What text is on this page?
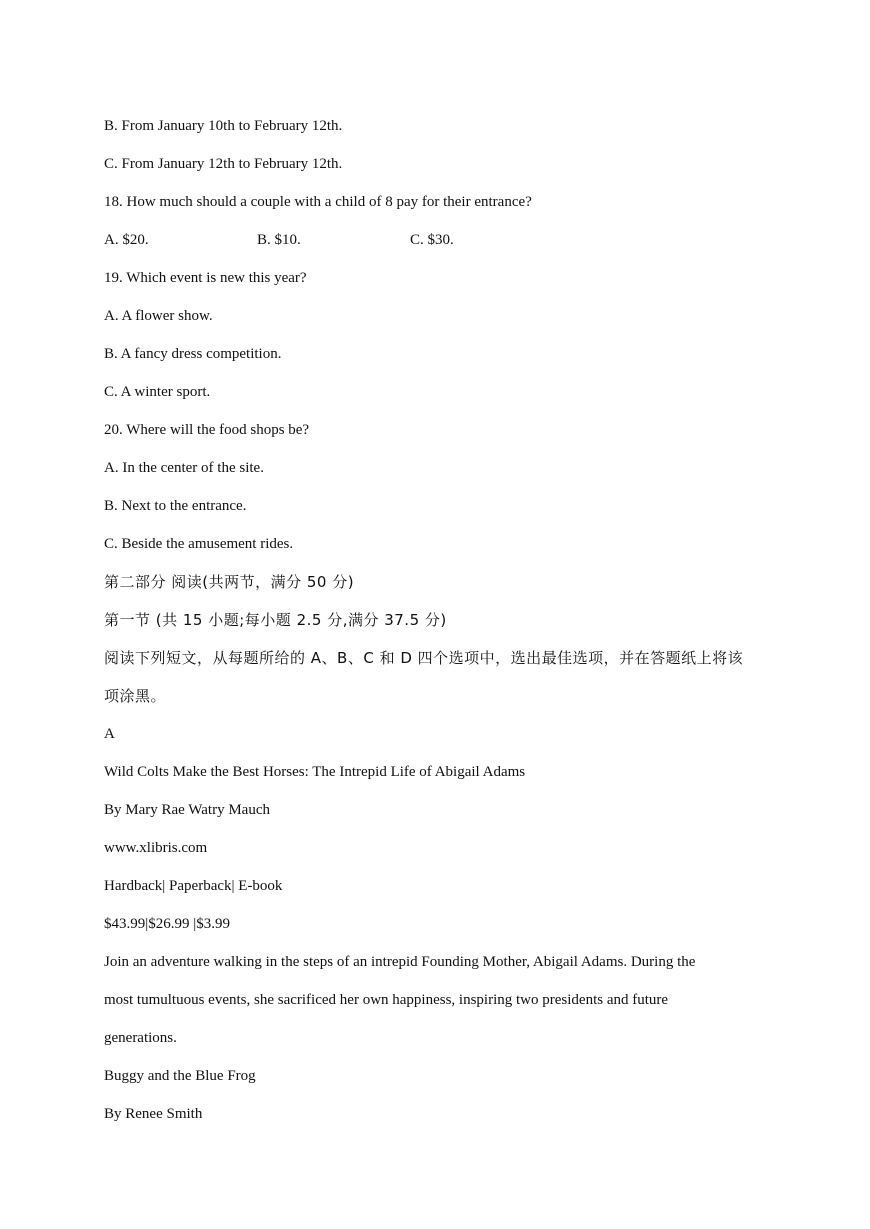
B. From January 10th to February 12th.
C. From January 12th to February 12th.
18. How much should a couple with a child of 8 pay for their entrance?
A. $20.	B. $10.	C. $30.
19. Which event is new this year?
A. A flower show.
B. A fancy dress competition.
C. A winter sport.
20. Where will the food shops be?
A. In the center of the site.
B. Next to the entrance.
C. Beside the amusement rides.
第二部分 阅读(共两节，满分 50 分)
第一节 (共 15 小题;每小题 2.5 分,满分 37.5 分)
阅读下列短文，从每题所给的 A、B、C 和 D 四个选项中，选出最佳选项，并在答题纸上将该
项涂黑。
A
Wild Colts Make the Best Horses: The Intrepid Life of Abigail Adams
By Mary Rae Watry Mauch
www.xlibris.com
Hardback| Paperback| E-book
$43.99|$26.99 |$3.99
Join an adventure walking in the steps of an intrepid Founding Mother, Abigail Adams. During the
most tumultuous events, she sacrificed her own happiness, inspiring two presidents and future
generations.
Buggy and the Blue Frog
By Renee Smith
